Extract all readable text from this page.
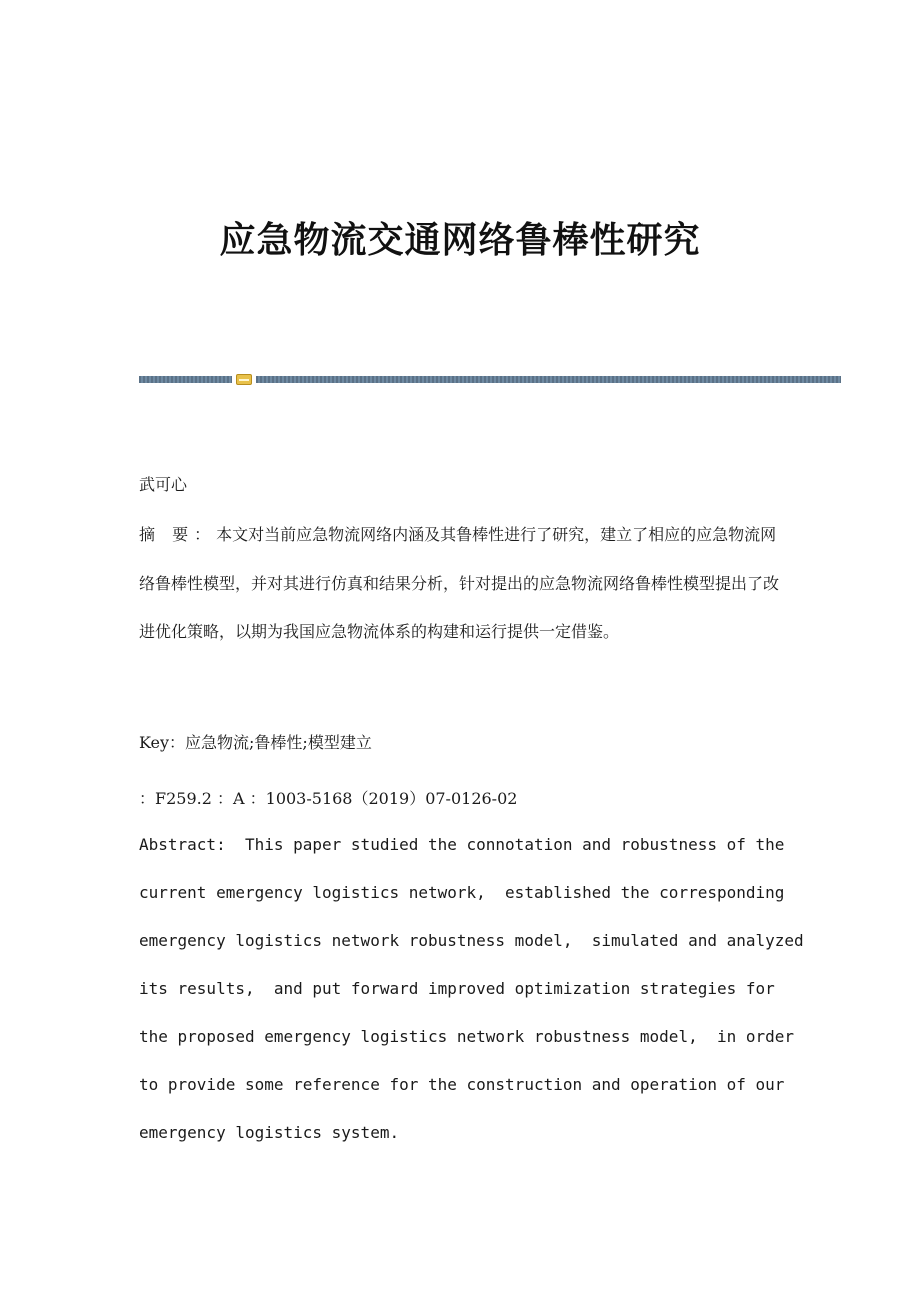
应急物流交通网络鲁棒性研究
武可心
摘 要：本文对当前应急物流网络内涵及其鲁棒性进行了研究，建立了相应的应急物流网络鲁棒性模型，并对其进行仿真和结果分析，针对提出的应急物流网络鲁棒性模型提出了改进优化策略，以期为我国应急物流体系的构建和运行提供一定借鉴。
Key：应急物流;鲁棒性;模型建立
：F259.2 ：A ：1003-5168（2019）07-0126-02
Abstract:  This paper studied the connotation and robustness of the
current emergency logistics network,  established the corresponding
emergency logistics network robustness model,  simulated and analyzed
its results,  and put forward improved optimization strategies for
the proposed emergency logistics network robustness model,  in order
to provide some reference for the construction and operation of our
emergency logistics system.
